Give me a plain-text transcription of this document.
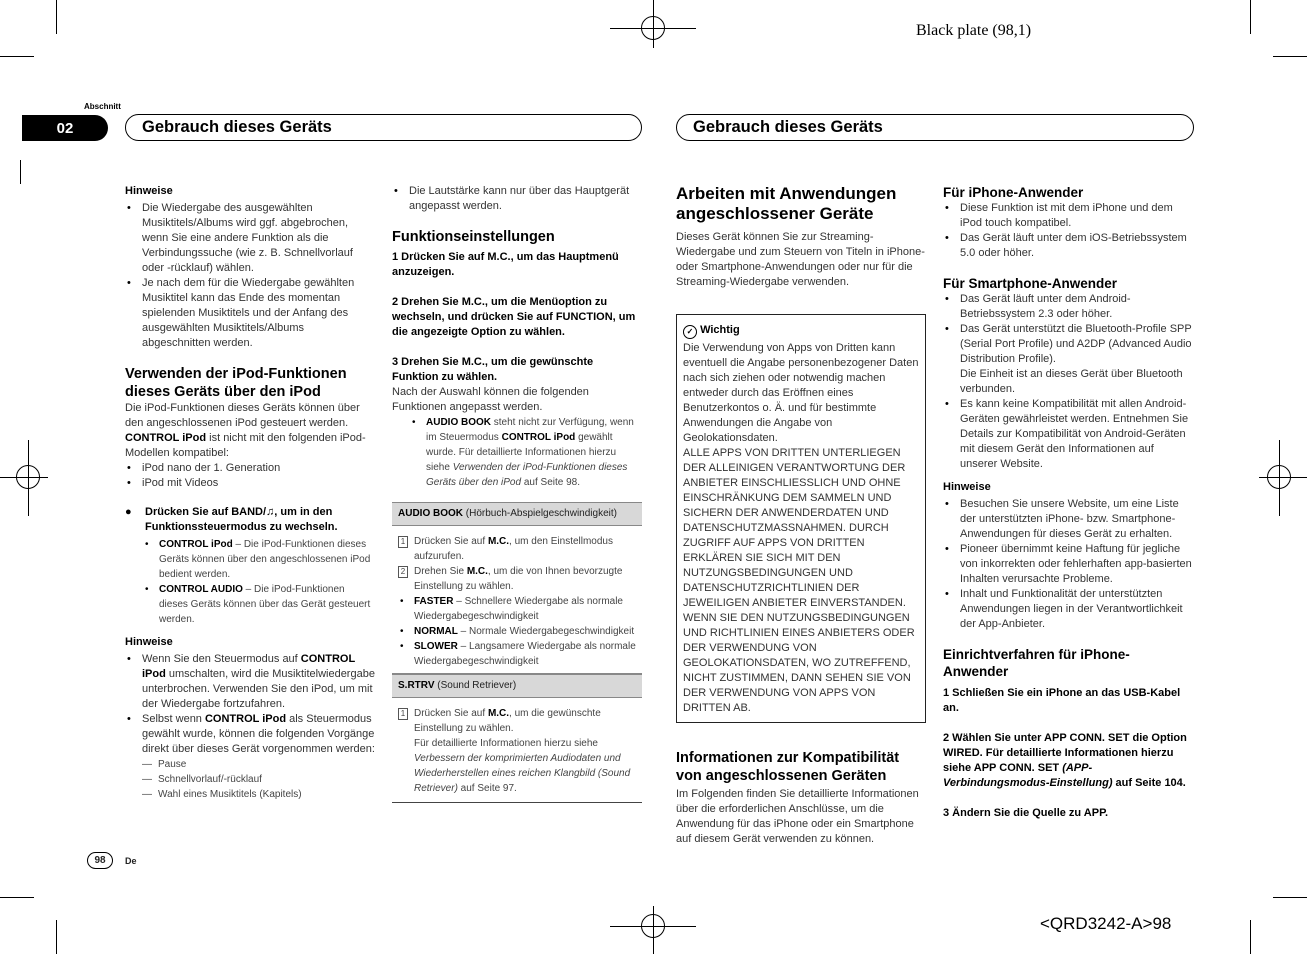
Black plate (98,1)
<QRD3242-A>98
Abschnitt
02	Gebrauch dieses Geräts	Gebrauch dieses Geräts

Hinweise

• Die Wiedergabe des ausgewählten Musiktitels/Albums wird ggf. abgebrochen, wenn Sie eine andere Funktion als die Verbindungssuche (wie z. B. Schnellvorlauf oder -rücklauf) wählen.
• Je nach dem für die Wiedergabe gewählten Musiktitel kann das Ende des momentan spielenden Musiktitels und der Anfang des ausgewählten Musiktitels/Albums abgeschnitten werden.
Verwenden der iPod-Funktionen dieses Geräts über den iPod

Die iPod-Funktionen dieses Geräts können über den angeschlossenen iPod gesteuert werden.

CONTROL iPod ist nicht mit den folgenden iPod-Modellen kompatibel:

• iPod nano der 1. Generation
• iPod mit Videos

● Drücken Sie auf BAND/♫, um in den Funktionssteuermodus zu wechseln.

• CONTROL iPod – Die iPod-Funktionen dieses Geräts können über den angeschlossenen iPod bedient werden.
• CONTROL AUDIO – Die iPod-Funktionen dieses Geräts können über das Gerät gesteuert werden.

Hinweise

• Wenn Sie den Steuermodus auf CONTROL iPod umschalten, wird die Musiktitelwiedergabe unterbrochen. Verwenden Sie den iPod, um mit der Wiedergabe fortzufahren.
• Selbst wenn CONTROL iPod als Steuermodus gewählt wurde, können die folgenden Vorgänge direkt über dieses Gerät vorgenommen werden:
— Pause
— Schnellvorlauf/-rücklauf
— Wahl eines Musiktitels (Kapitels)
• Die Lautstärke kann nur über das Hauptgerät angepasst werden.
Funktionseinstellungen

1 Drücken Sie auf M.C., um das Hauptmenü anzuzeigen.

2 Drehen Sie M.C., um die Menüoption zu wechseln, und drücken Sie auf FUNCTION, um die angezeigte Option zu wählen.

3 Drehen Sie M.C., um die gewünschte Funktion zu wählen.

Nach der Auswahl können die folgenden Funktionen angepasst werden.

• AUDIO BOOK steht nicht zur Verfügung, wenn im Steuermodus CONTROL iPod gewählt wurde. Für detaillierte Informationen hierzu siehe Verwenden der iPod-Funktionen dieses Geräts über den iPod auf Seite 98.
AUDIO BOOK (Hörbuch-Abspielgeschwindigkeit)
1 Drücken Sie auf M.C., um den Einstellmodus aufzurufen.
2 Drehen Sie M.C., um die von Ihnen bevorzugte Einstellung zu wählen.
• FASTER – Schnellere Wiedergabe als normale Wiedergabegeschwindigkeit
• NORMAL – Normale Wiedergabegeschwindigkeit
• SLOWER – Langsamere Wiedergabe als normale Wiedergabegeschwindigkeit
S.RTRV (Sound Retriever)
1 Drücken Sie auf M.C., um die gewünschte Einstellung zu wählen.
Für detaillierte Informationen hierzu siehe Verbessern der komprimierten Audiodaten und Wiederherstellen eines reichen Klangbild (Sound Retriever) auf Seite 97.
Arbeiten mit Anwendungen angeschlossener Geräte

Dieses Gerät können Sie zur Streaming-Wiedergabe und zum Steuern von Titeln in iPhone- oder Smartphone-Anwendungen oder nur für die Streaming-Wiedergabe verwenden.

✓ Wichtig

Die Verwendung von Apps von Dritten kann eventuell die Angabe personenbezogener Daten nach sich ziehen oder notwendig machen entweder durch das Eröffnen eines Benutzerkontos o. Ä. und für bestimmte Anwendungen die Angabe von Geolokationsdaten.

ALLE APPS VON DRITTEN UNTERLIEGEN DER ALLEINIGEN VERANTWORTUNG DER ANBIETER EINSCHLIESSLICH UND OHNE EINSCHRÄNKUNG DEM SAMMELN UND SICHERN DER ANWENDERDATEN UND DATENSCHUTZMASSNAHMEN. DURCH ZUGRIFF AUF APPS VON DRITTEN ERKLÄREN SIE SICH MIT DEN NUTZUNGSBEDINGUNGEN UND DATENSCHUTZRICHTLINIEN DER JEWEILIGEN ANBIETER EINVERSTANDEN. WENN SIE DEN NUTZUNGSBEDINGUNGEN UND RICHTLINIEN EINES ANBIETERS ODER DER VERWENDUNG VON GEOLOKATIONSDATEN, WO ZUTREFFEND, NICHT ZUSTIMMEN, DANN SEHEN SIE VON DER VERWENDUNG VON APPS VON DRITTEN AB.

Informationen zur Kompatibilität von angeschlossenen Geräten

Im Folgenden finden Sie detaillierte Informationen über die erforderlichen Anschlüsse, um die Anwendung für das iPhone oder ein Smartphone auf diesem Gerät verwenden zu können.

Für iPhone-Anwender
• Diese Funktion ist mit dem iPhone und dem iPod touch kompatibel.
• Das Gerät läuft unter dem iOS-Betriebssystem 5.0 oder höher.
Für Smartphone-Anwender
• Das Gerät läuft unter dem Android-Betriebssystem 2.3 oder höher.
• Das Gerät unterstützt die Bluetooth-Profile SPP (Serial Port Profile) und A2DP (Advanced Audio Distribution Profile).
Die Einheit ist an dieses Gerät über Bluetooth verbunden.
• Es kann keine Kompatibilität mit allen Android-Geräten gewährleistet werden. Entnehmen Sie Details zur Kompatibilität von Android-Geräten mit diesem Gerät den Informationen auf unserer Website.

Hinweise

• Besuchen Sie unsere Website, um eine Liste der unterstützten iPhone- bzw. Smartphone-Anwendungen für dieses Gerät zu erhalten.
• Pioneer übernimmt keine Haftung für jegliche von inkorrekten oder fehlerhaften app-basierten Inhalten verursachte Probleme.
• Inhalt und Funktionalität der unterstützten Anwendungen liegen in der Verantwortlichkeit der App-Anbieter.
Einrichtverfahren für iPhone-Anwender

1 Schließen Sie ein iPhone an das USB-Kabel an.

2 Wählen Sie unter APP CONN. SET die Option WIRED. Für detaillierte Informationen hierzu siehe APP CONN. SET (APP-Verbindungsmodus-Einstellung) auf Seite 104.

3 Ändern Sie die Quelle zu APP.

98	De
